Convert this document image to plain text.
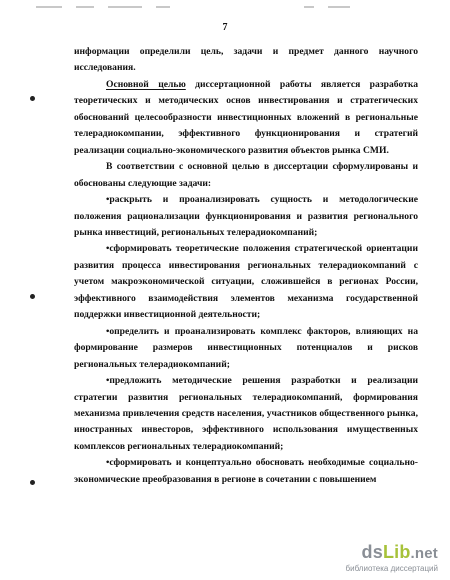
7

информации определили цель, задачи и предмет данного научного исследования.

Основной целью диссертационной работы является разработка теоретических и методических основ инвестирования и стратегических обоснований целесообразности инвестиционных вложений в региональные телерадиокомпании, эффективного функционирования и стратегий реализации социально-экономического развития объектов рынка СМИ.

В соответствии с основной целью в диссертации сформулированы и обоснованы следующие задачи:

•раскрыть и проанализировать сущность и методологические положения рационализации функционирования и развития регионального рынка инвестиций, региональных телерадиокомпаний;

•сформировать теоретические положения стратегической ориентации развития процесса инвестирования региональных телерадиокомпаний с учетом макроэкономической ситуации, сложившейся в регионах России, эффективного взаимодействия элементов механизма государственной поддержки инвестиционной деятельности;

•определить и проанализировать комплекс факторов, влияющих на формирование размеров инвестиционных потенциалов и рисков региональных телерадиокомпаний;

•предложить методические решения разработки и реализации стратегии развития региональных телерадиокомпаний, формирования механизма привлечения средств населения, участников общественного рынка, иностранных инвесторов, эффективного использования имущественных комплексов региональных телерадиокомпаний;

•сформировать и концептуально обосновать необходимые социально-экономические преобразования в регионе в сочетании с повышением

dsLib.net
библиотека диссертаций
